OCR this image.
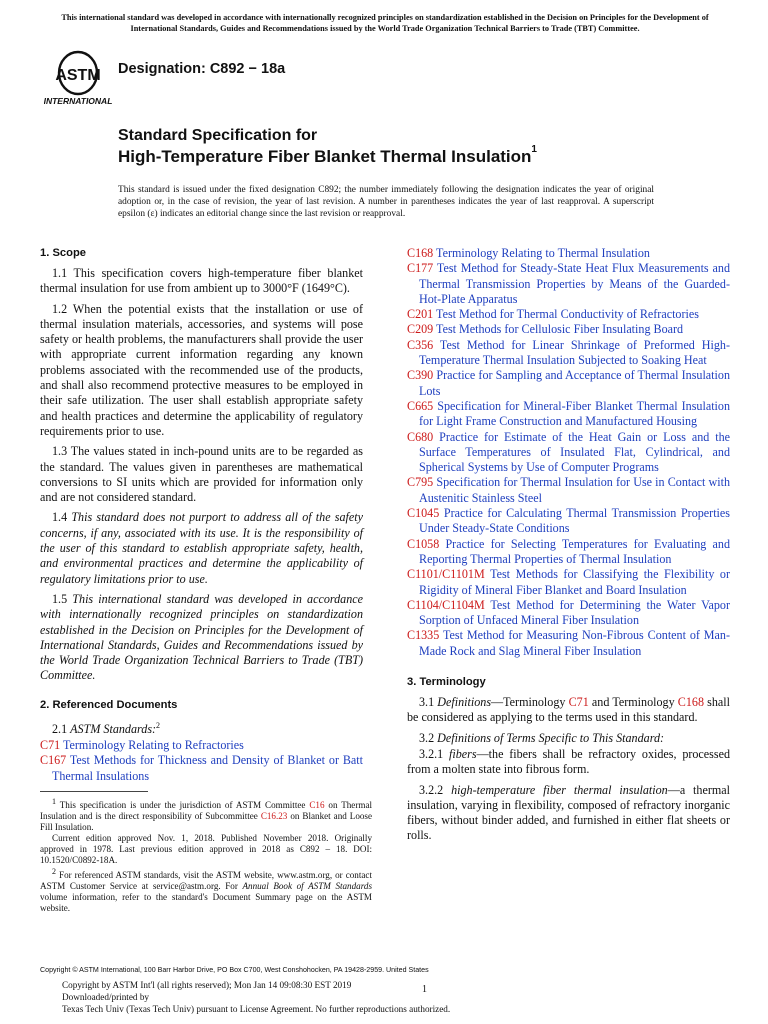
This international standard was developed in accordance with internationally recognized principles on standardization established in the Decision on Principles for the Development of International Standards, Guides and Recommendations issued by the World Trade Organization Technical Barriers to Trade (TBT) Committee.
ASTM
INTERNATIONAL
Designation: C892 − 18a
Standard Specification for
High-Temperature Fiber Blanket Thermal Insulation$^1$
This standard is issued under the fixed designation C892; the number immediately following the designation indicates the year of original adoption or, in the case of revision, the year of last revision. A number in parentheses indicates the year of last reapproval. A superscript epsilon (ε) indicates an editorial change since the last revision or reapproval.
1. Scope

1.1 This specification covers high-temperature fiber blanket thermal insulation for use from ambient up to 3000°F (1649°C).

1.2 When the potential exists that the installation or use of thermal insulation materials, accessories, and systems will pose safety or health problems, the manufacturers shall provide the user with appropriate current information regarding any known problems associated with the recommended use of the products, and shall also recommend protective measures to be employed in their safe utilization. The user shall establish appropriate safety and health practices and determine the applicability of regulatory requirements prior to use.

1.3 The values stated in inch-pound units are to be regarded as the standard. The values given in parentheses are mathematical conversions to SI units which are provided for information only and are not considered standard.

1.4 This standard does not purport to address all of the safety concerns, if any, associated with its use. It is the responsibility of the user of this standard to establish appropriate safety, health, and environmental practices and determine the applicability of regulatory limitations prior to use.

1.5 This international standard was developed in accordance with internationally recognized principles on standardization established in the Decision on Principles for the Development of International Standards, Guides and Recommendations issued by the World Trade Organization Technical Barriers to Trade (TBT) Committee.

2. Referenced Documents

2.1 ASTM Standards:$^2$

C71 Terminology Relating to Refractories

C167 Test Methods for Thickness and Density of Blanket or Batt Thermal Insulations

C168 Terminology Relating to Thermal Insulation

C177 Test Method for Steady-State Heat Flux Measurements and Thermal Transmission Properties by Means of the Guarded-Hot-Plate Apparatus

C201 Test Method for Thermal Conductivity of Refractories

C209 Test Methods for Cellulosic Fiber Insulating Board

C356 Test Method for Linear Shrinkage of Preformed High-Temperature Thermal Insulation Subjected to Soaking Heat

C390 Practice for Sampling and Acceptance of Thermal Insulation Lots

C665 Specification for Mineral-Fiber Blanket Thermal Insulation for Light Frame Construction and Manufactured Housing

C680 Practice for Estimate of the Heat Gain or Loss and the Surface Temperatures of Insulated Flat, Cylindrical, and Spherical Systems by Use of Computer Programs

C795 Specification for Thermal Insulation for Use in Contact with Austenitic Stainless Steel

C1045 Practice for Calculating Thermal Transmission Properties Under Steady-State Conditions

C1058 Practice for Selecting Temperatures for Evaluating and Reporting Thermal Properties of Thermal Insulation

C1101/C1101M Test Methods for Classifying the Flexibility or Rigidity of Mineral Fiber Blanket and Board Insulation

C1104/C1104M Test Method for Determining the Water Vapor Sorption of Unfaced Mineral Fiber Insulation

C1335 Test Method for Measuring Non-Fibrous Content of Man-Made Rock and Slag Mineral Fiber Insulation

3. Terminology

3.1 Definitions—Terminology C71 and Terminology C168 shall be considered as applying to the terms used in this standard.

3.2 Definitions of Terms Specific to This Standard:

3.2.1 fibers—the fibers shall be refractory oxides, processed from a molten state into fibrous form.

3.2.2 high-temperature fiber thermal insulation—a thermal insulation, varying in flexibility, composed of refractory inorganic fibers, without binder added, and furnished in either flat sheets or rolls.

$^1$ This specification is under the jurisdiction of ASTM Committee C16 on Thermal Insulation and is the direct responsibility of Subcommittee C16.23 on Blanket and Loose Fill Insulation.

Current edition approved Nov. 1, 2018. Published November 2018. Originally approved in 1978. Last previous edition approved in 2018 as C892 – 18. DOI: 10.1520/C0892-18A.

$^2$ For referenced ASTM standards, visit the ASTM website, www.astm.org, or contact ASTM Customer Service at service@astm.org. For Annual Book of ASTM Standards volume information, refer to the standard's Document Summary page on the ASTM website.

Copyright © ASTM International, 100 Barr Harbor Drive, PO Box C700, West Conshohocken, PA 19428-2959. United States
Copyright by ASTM Int'l (all rights reserved); Mon Jan 14 09:08:30 EST 2019
Downloaded/printed by
Texas Tech Univ (Texas Tech Univ) pursuant to License Agreement. No further reproductions authorized.
1
